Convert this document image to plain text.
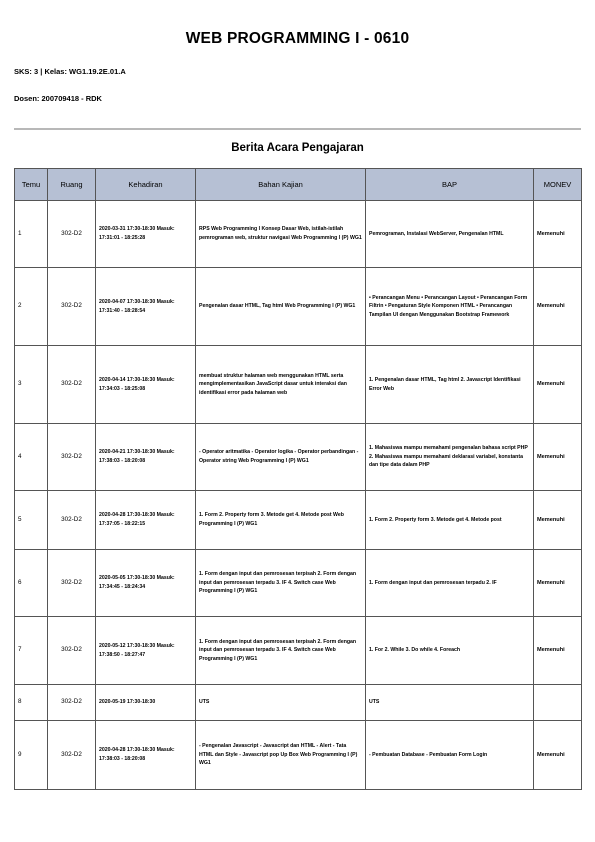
WEB PROGRAMMING I - 0610
SKS: 3 | Kelas: WG1.19.2E.01.A
Dosen: 200709418 - RDK
Berita Acara Pengajaran
Temu	Ruang	Kehadiran	Bahan Kajian	BAP	MONEV
1	302-D2	2020-03-31 17:30-18:30 Masuk: 17:31:01 - 18:25:28	RPS Web Programming I Konsep Dasar Web, istilah-istilah pemrograman web, struktur navigasi Web Programming I (P) WG1	Pemrograman, Instalasi WebServer, Pengenalan HTML	Memenuhi
2	302-D2	2020-04-07 17:30-18:30 Masuk: 17:31:40 - 18:28:54	Pengenalan dasar HTML, Tag html Web Programming I (P) WG1	• Perancangan Menu • Perancangan Layout • Perancangan Form Filtrin • Pengaturan Style Komponen HTML • Perancangan Tampilan UI dengan Menggunakan Bootstrap Framework	Memenuhi
3	302-D2	2020-04-14 17:30-18:30 Masuk: 17:34:03 - 18:25:08	membuat struktur halaman web menggunakan HTML serta mengimplementasikan JavaScript dasar untuk interaksi dan identifikasi error pada halaman web	1. Pengenalan dasar HTML, Tag html 2. Javascript Identifikasi Error Web	Memenuhi
4	302-D2	2020-04-21 17:30-18:30 Masuk: 17:38:03 - 18:20:08	- Operator aritmatika - Operator logika - Operator perbandingan - Operator string Web Programming I (P) WG1	1. Mahasiswa mampu memahami pengenalan bahasa script PHP 2. Mahasiswa mampu memahami deklarasi variabel, konstanta dan tipe data dalam PHP	Memenuhi
5	302-D2	2020-04-28 17:30-18:30 Masuk: 17:37:05 - 18:22:15	1. Form 2. Property form 3. Metode get 4. Metode post Web Programming I (P) WG1	1. Form 2. Property form 3. Metode get 4. Metode post	Memenuhi
6	302-D2	2020-05-05 17:30-18:30 Masuk: 17:34:45 - 18:24:34	1. Form dengan input dan pemrosesan terpisah 2. Form dengan input dan pemrosesan terpadu 3. IF 4. Switch case Web Programming I (P) WG1	1. Form dengan input dan pemrosesan terpadu 2. IF	Memenuhi
7	302-D2	2020-05-12 17:30-18:30 Masuk: 17:38:50 - 18:27:47	1. Form dengan input dan pemrosesan terpisah 2. Form dengan input dan pemrosesan terpadu 3. IF 4. Switch case Web Programming I (P) WG1	1. For 2. While 3. Do while 4. Foreach	Memenuhi
8	302-D2	2020-05-19 17:30-18:30	UTS	UTS	
9	302-D2	2020-04-28 17:30-18:30 Masuk: 17:38:03 - 18:20:08	- Pengenalan Javascript - Javascript dan HTML - Alert - Tata HTML dan Style - Javascript pop Up Box Web Programming I (P) WG1	- Pembuatan Database - Pembuatan Form Login	Memenuhi
